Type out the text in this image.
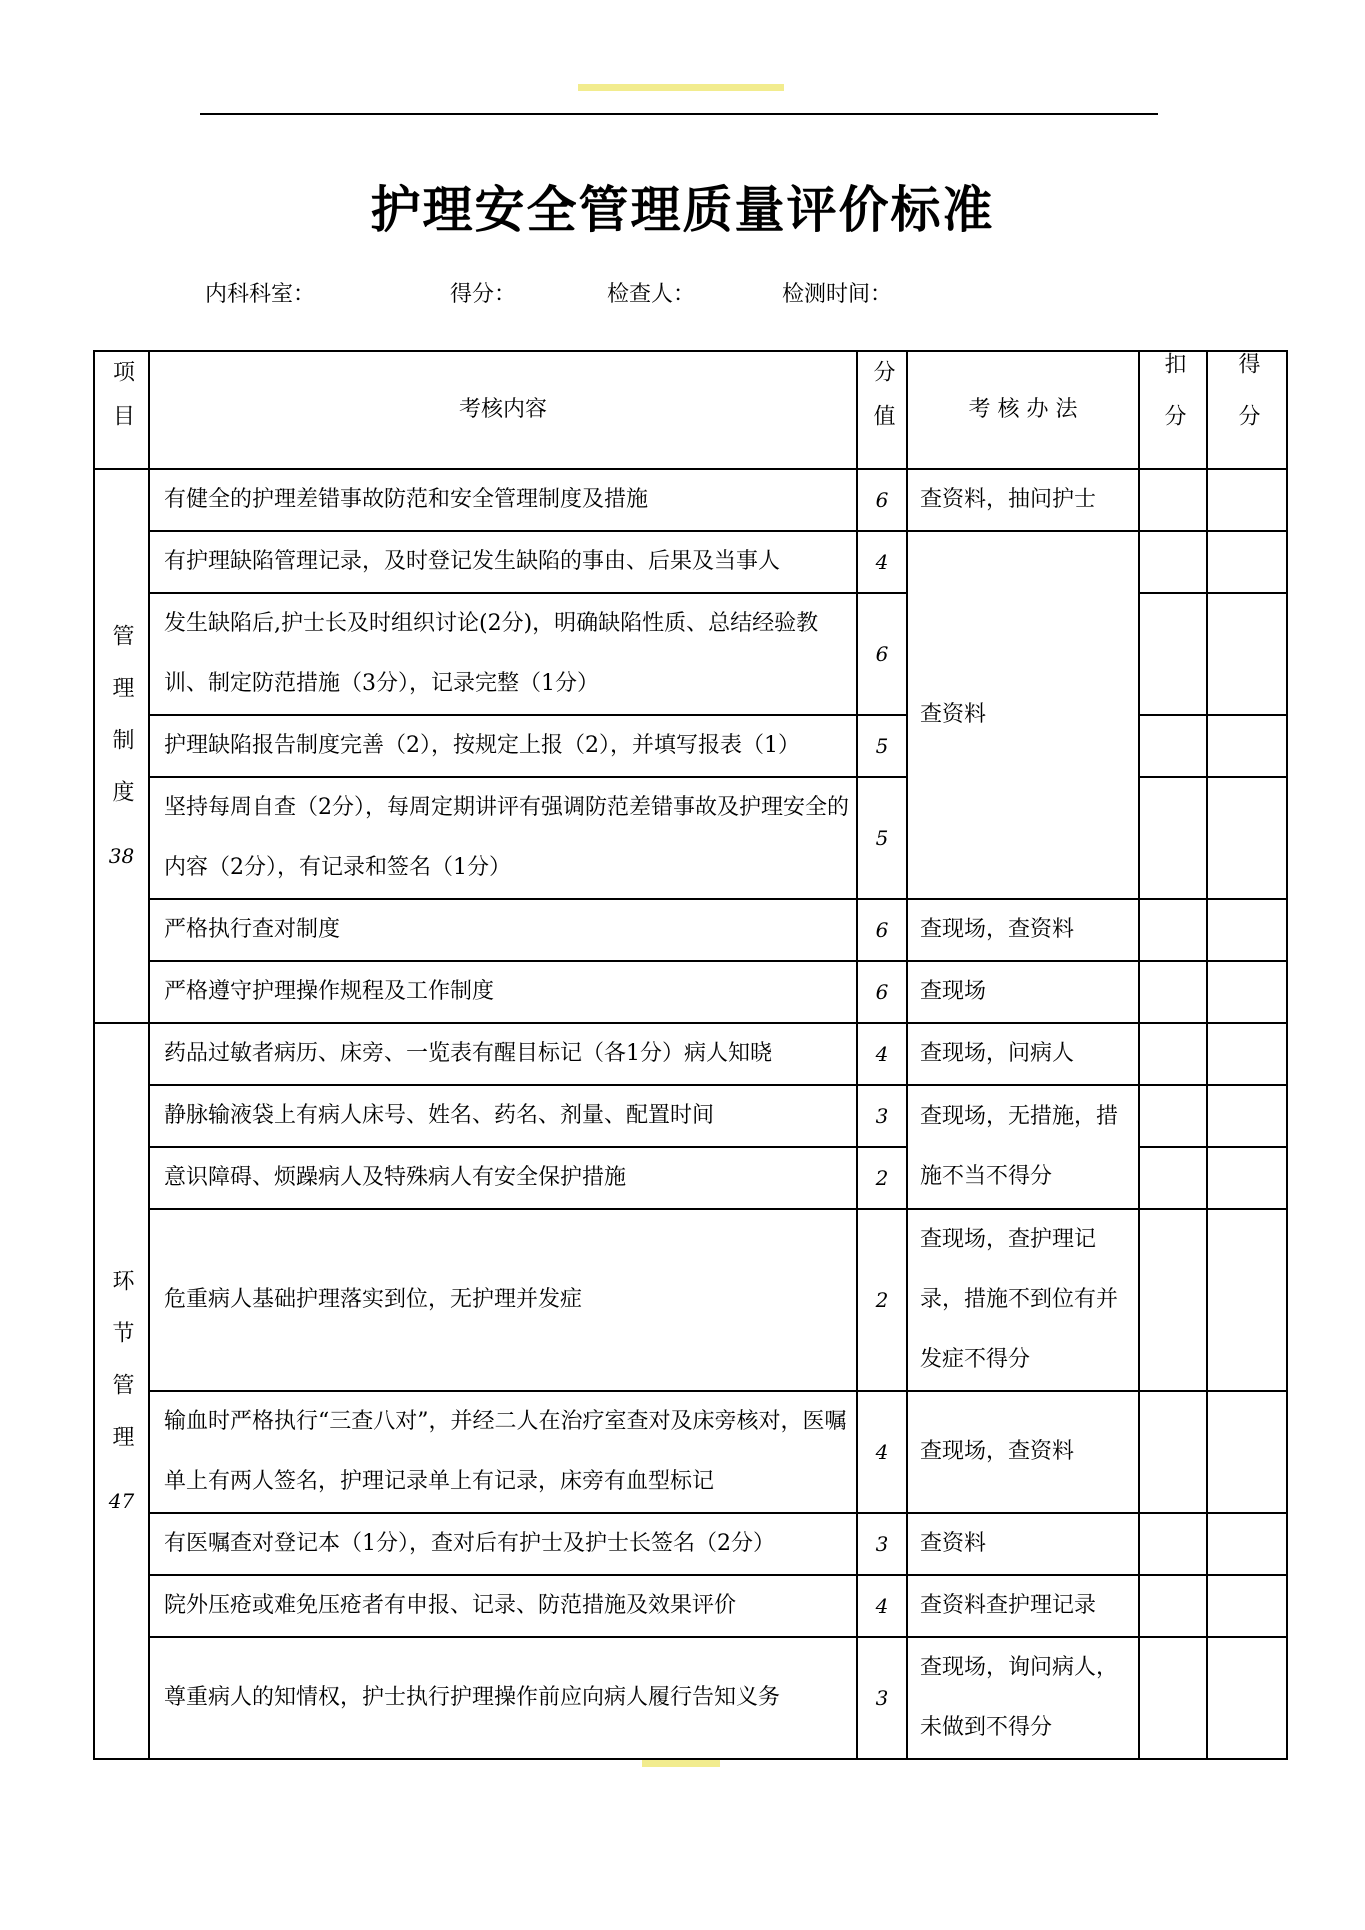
护理安全管理质量评价标准
内科科室：	得分：	检查人：	检测时间：
项目	考核内容	分值	考 核 办 法	扣分	得分
管理制度
38	有健全的护理差错事故防范和安全管理制度及措施	6	查资料，抽问护士		
	有护理缺陷管理记录，及时登记发生缺陷的事由、后果及当事人	4	查资料		
	发生缺陷后,护士长及时组织讨论(2分)，明确缺陷性质、总结经验教训、制定防范措施（3分），记录完整（1分）	6			
	护理缺陷报告制度完善（2），按规定上报（2），并填写报表（1）	5			
	坚持每周自查（2分），每周定期讲评有强调防范差错事故及护理安全的内容（2分），有记录和签名（1分）	5			
	严格执行查对制度	6	查现场，查资料		
	严格遵守护理操作规程及工作制度	6	查现场		
环节管理
47	药品过敏者病历、床旁、一览表有醒目标记（各1分）病人知晓	4	查现场，问病人		
	静脉输液袋上有病人床号、姓名、药名、剂量、配置时间	3	查现场，无措施，措施不当不得分		
	意识障碍、烦躁病人及特殊病人有安全保护措施	2			
	危重病人基础护理落实到位，无护理并发症	2	查现场，查护理记录，措施不到位有并发症不得分		
	输血时严格执行“三查八对”，并经二人在治疗室查对及床旁核对，医嘱单上有两人签名，护理记录单上有记录，床旁有血型标记	4	查现场，查资料		
	有医嘱查对登记本（1分），查对后有护士及护士长签名（2分）	3	查资料		
	院外压疮或难免压疮者有申报、记录、防范措施及效果评价	4	查资料查护理记录		
	尊重病人的知情权，护士执行护理操作前应向病人履行告知义务	3	查现场，询问病人，未做到不得分		
